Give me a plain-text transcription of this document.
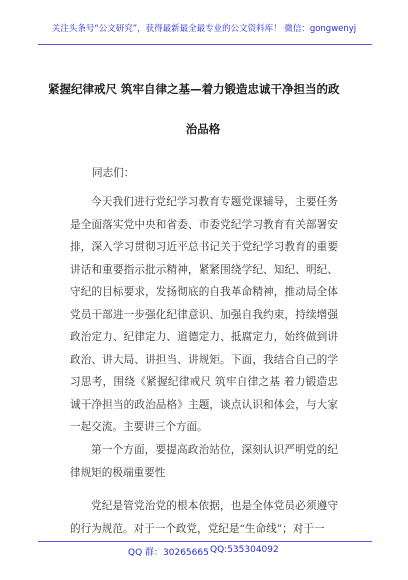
关注头条号“公文研究”，获得最新最全最专业的公文资料库！ 微信：gongwenyj
紧握纪律戒尺 筑牢自律之基—着力锻造忠诚干净担当的政
治品格
同志们：
今天我们进行党纪学习教育专题党课辅导，主要任务是全面落实党中央和省委、市委党纪学习教育有关部署安排，深入学习贯彻习近平总书记关于党纪学习教育的重要讲话和重要指示批示精神，紧紧围绕学纪、知纪、明纪、守纪的目标要求，发扬彻底的自我革命精神，推动局全体党员干部进一步强化纪律意识、加强自我约束，持续增强政治定力、纪律定力、道德定力、抵腐定力，始终做到讲政治、讲大局、讲担当、讲规矩。下面，我结合自己的学习思考，围绕《紧握纪律戒尺 筑牢自律之基 着力锻造忠诚干净担当的政治品格》主题，谈点认识和体会，与大家一起交流。主要讲三个方面。
第一个方面，要提高政治站位，深刻认识严明党的纪律规矩的极端重要性
党纪是管党治党的根本依据，也是全体党员必须遵守的行为规范。对于一个政党，党纪是“生命线”；对于一
QQ 群：30265665 QQ:535304092
